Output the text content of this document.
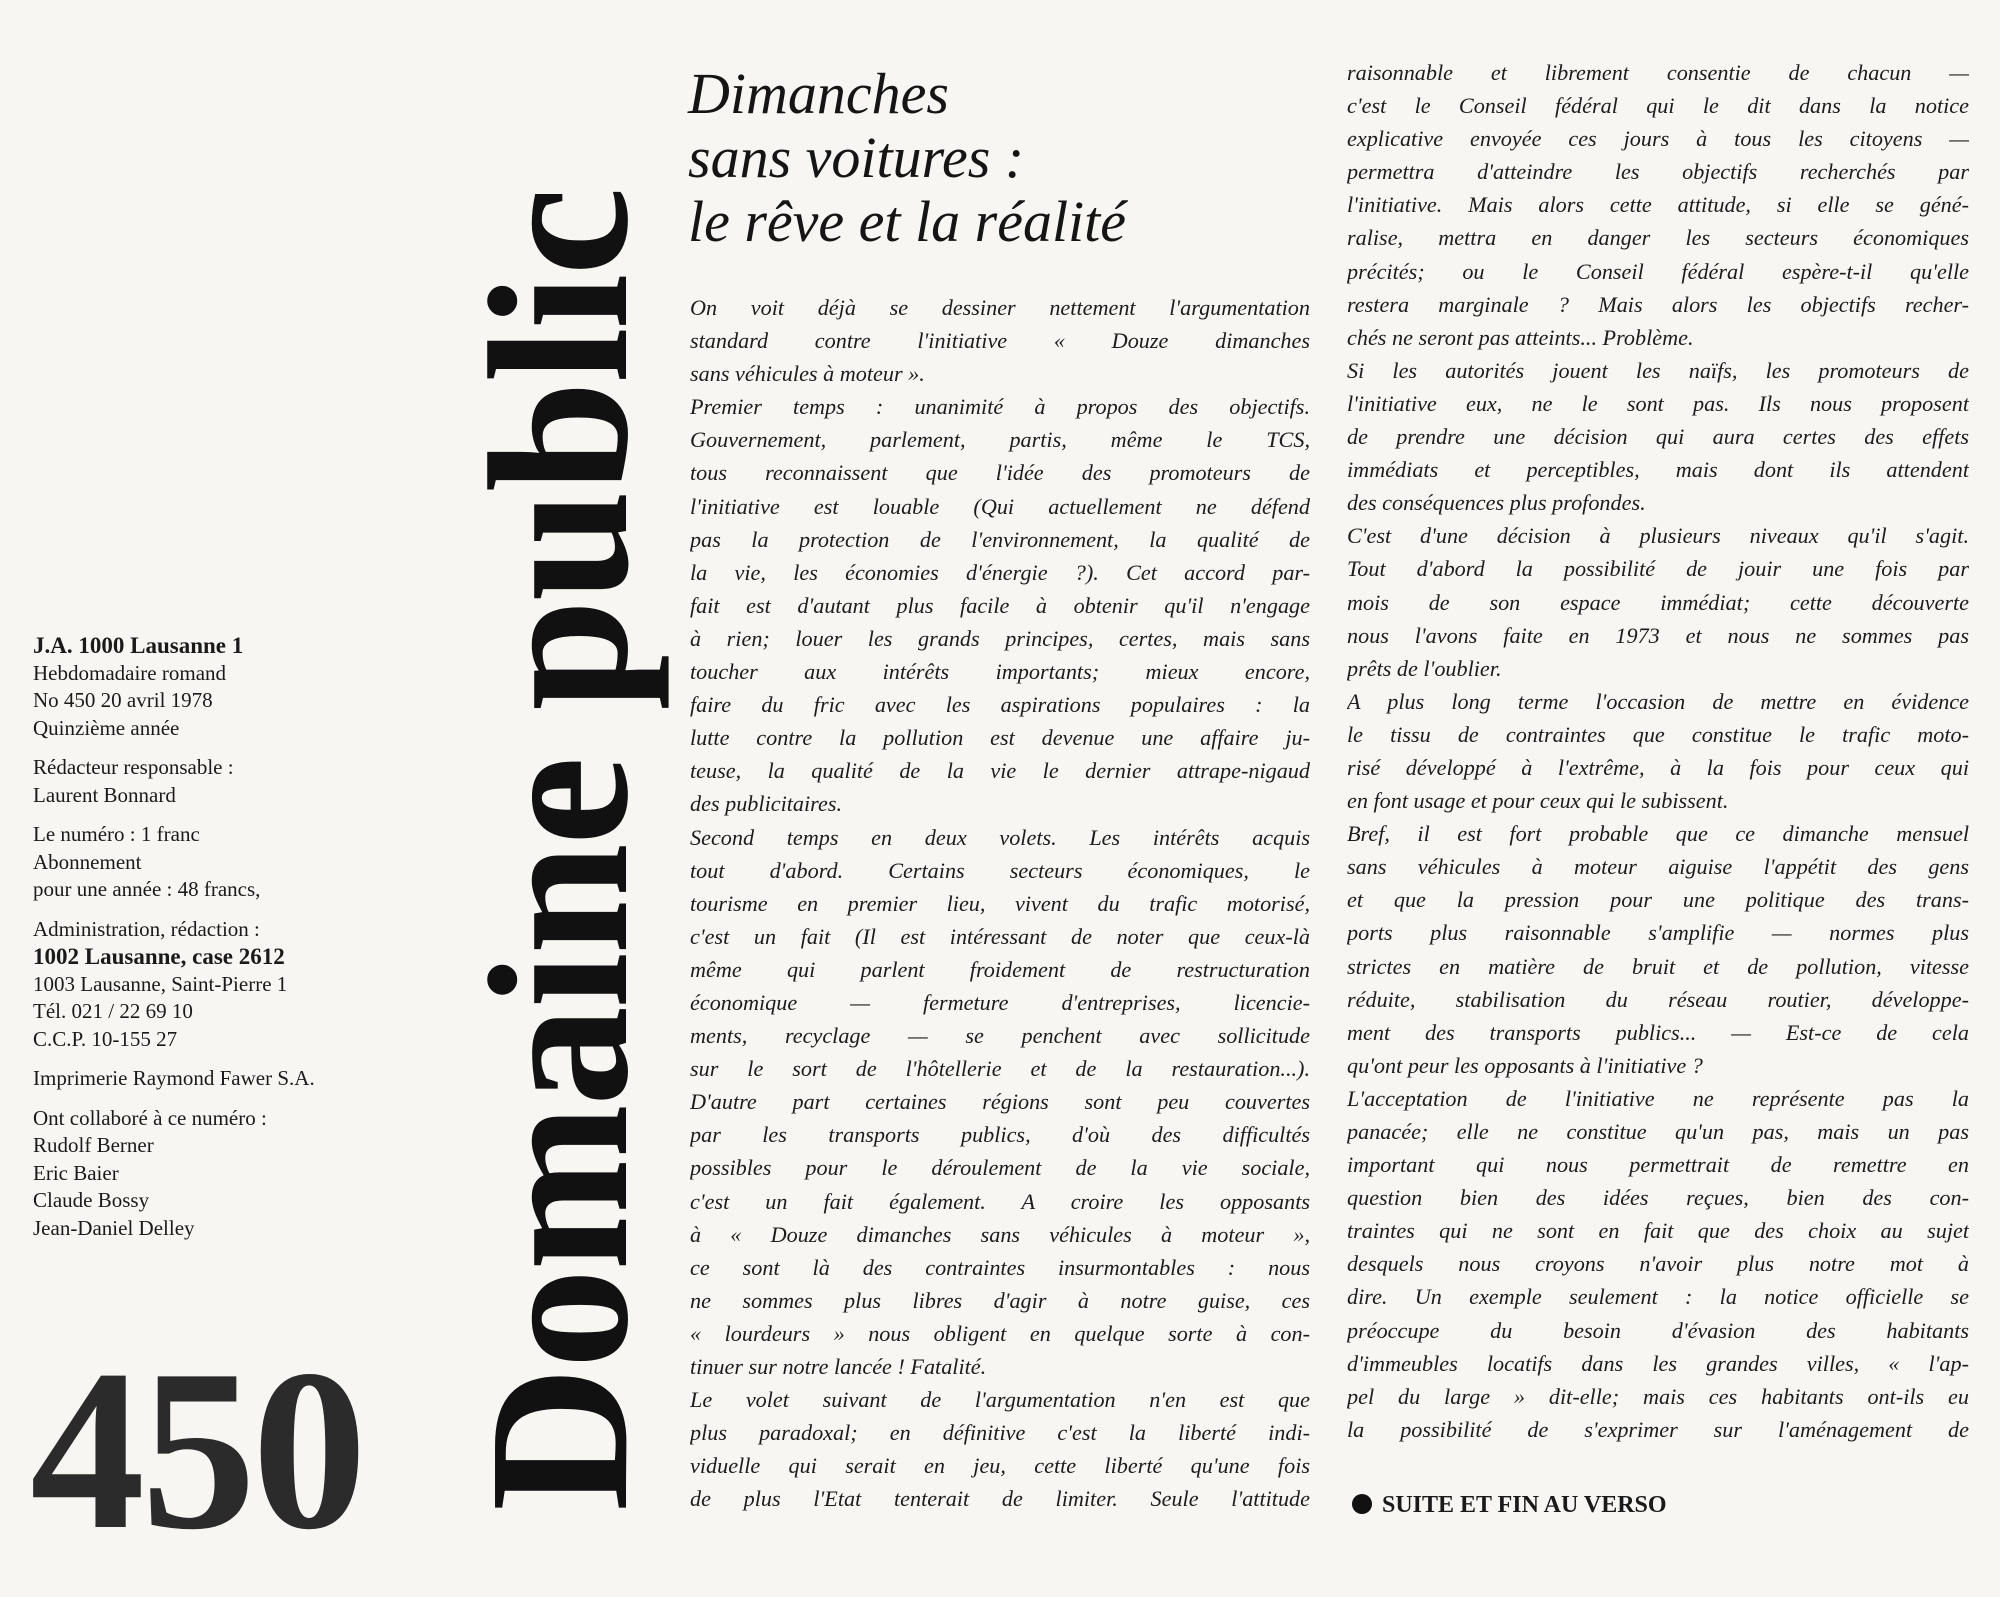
J.A. 1000 Lausanne 1
Hebdomadaire romand
No 450 20 avril 1978
Quinzième année
Rédacteur responsable :
Laurent Bonnard
Le numéro : 1 franc
Abonnement
pour une année : 48 francs,
Administration, rédaction :
1002 Lausanne, case 2612
1003 Lausanne, Saint-Pierre 1
Tél. 021 / 22 69 10
C.C.P. 10-155 27
Imprimerie Raymond Fawer S.A.
Ont collaboré à ce numéro :
Rudolf Berner
Eric Baier
Claude Bossy
Jean-Daniel Delley
450 Domaine public
Dimanches
sans voitures :
le rêve et la réalité
On voit déjà se dessiner nettement l'argumentation
standard contre l'initiative « Douze dimanches
sans véhicules à moteur ».
Premier temps : unanimité à propos des objectifs.
Gouvernement, parlement, partis, même le TCS,
tous reconnaissent que l'idée des promoteurs de
l'initiative est louable (Qui actuellement ne défend
pas la protection de l'environnement, la qualité de
la vie, les économies d'énergie ?). Cet accord par-
fait est d'autant plus facile à obtenir qu'il n'engage
à rien; louer les grands principes, certes, mais sans
toucher aux intérêts importants; mieux encore,
faire du fric avec les aspirations populaires : la
lutte contre la pollution est devenue une affaire ju-
teuse, la qualité de la vie le dernier attrape-nigaud
des publicitaires.
Second temps en deux volets. Les intérêts acquis
tout d'abord. Certains secteurs économiques, le
tourisme en premier lieu, vivent du trafic motorisé,
c'est un fait (Il est intéressant de noter que ceux-là
même qui parlent froidement de restructuration
économique — fermeture d'entreprises, licencie-
ments, recyclage — se penchent avec sollicitude
sur le sort de l'hôtellerie et de la restauration...).
D'autre part certaines régions sont peu couvertes
par les transports publics, d'où des difficultés
possibles pour le déroulement de la vie sociale,
c'est un fait également. A croire les opposants
à « Douze dimanches sans véhicules à moteur »,
ce sont là des contraintes insurmontables : nous
ne sommes plus libres d'agir à notre guise, ces
« lourdeurs » nous obligent en quelque sorte à con-
tinuer sur notre lancée ! Fatalité.
Le volet suivant de l'argumentation n'en est que
plus paradoxal; en définitive c'est la liberté indi-
viduelle qui serait en jeu, cette liberté qu'une fois
de plus l'Etat tenterait de limiter. Seule l'attitude
raisonnable et librement consentie de chacun —
c'est le Conseil fédéral qui le dit dans la notice
explicative envoyée ces jours à tous les citoyens —
permettra d'atteindre les objectifs recherchés par
l'initiative. Mais alors cette attitude, si elle se géné-
ralise, mettra en danger les secteurs économiques
précités; ou le Conseil fédéral espère-t-il qu'elle
restera marginale ? Mais alors les objectifs recher-
chés ne seront pas atteints... Problème.
Si les autorités jouent les naïfs, les promoteurs de
l'initiative eux, ne le sont pas. Ils nous proposent
de prendre une décision qui aura certes des effets
immédiats et perceptibles, mais dont ils attendent
des conséquences plus profondes.
C'est d'une décision à plusieurs niveaux qu'il s'agit.
Tout d'abord la possibilité de jouir une fois par
mois de son espace immédiat; cette découverte
nous l'avons faite en 1973 et nous ne sommes pas
prêts de l'oublier.
A plus long terme l'occasion de mettre en évidence
le tissu de contraintes que constitue le trafic moto-
risé développé à l'extrême, à la fois pour ceux qui
en font usage et pour ceux qui le subissent.
Bref, il est fort probable que ce dimanche mensuel
sans véhicules à moteur aiguise l'appétit des gens
et que la pression pour une politique des trans-
ports plus raisonnable s'amplifie — normes plus
strictes en matière de bruit et de pollution, vitesse
réduite, stabilisation du réseau routier, développe-
ment des transports publics... — Est-ce de cela
qu'ont peur les opposants à l'initiative ?
L'acceptation de l'initiative ne représente pas la
panacée; elle ne constitue qu'un pas, mais un pas
important qui nous permettrait de remettre en
question bien des idées reçues, bien des con-
traintes qui ne sont en fait que des choix au sujet
desquels nous croyons n'avoir plus notre mot à
dire. Un exemple seulement : la notice officielle se
préoccupe du besoin d'évasion des habitants
d'immeubles locatifs dans les grandes villes, « l'ap-
pel du large » dit-elle; mais ces habitants ont-ils eu
la possibilité de s'exprimer sur l'aménagement de
SUITE ET FIN AU VERSO
